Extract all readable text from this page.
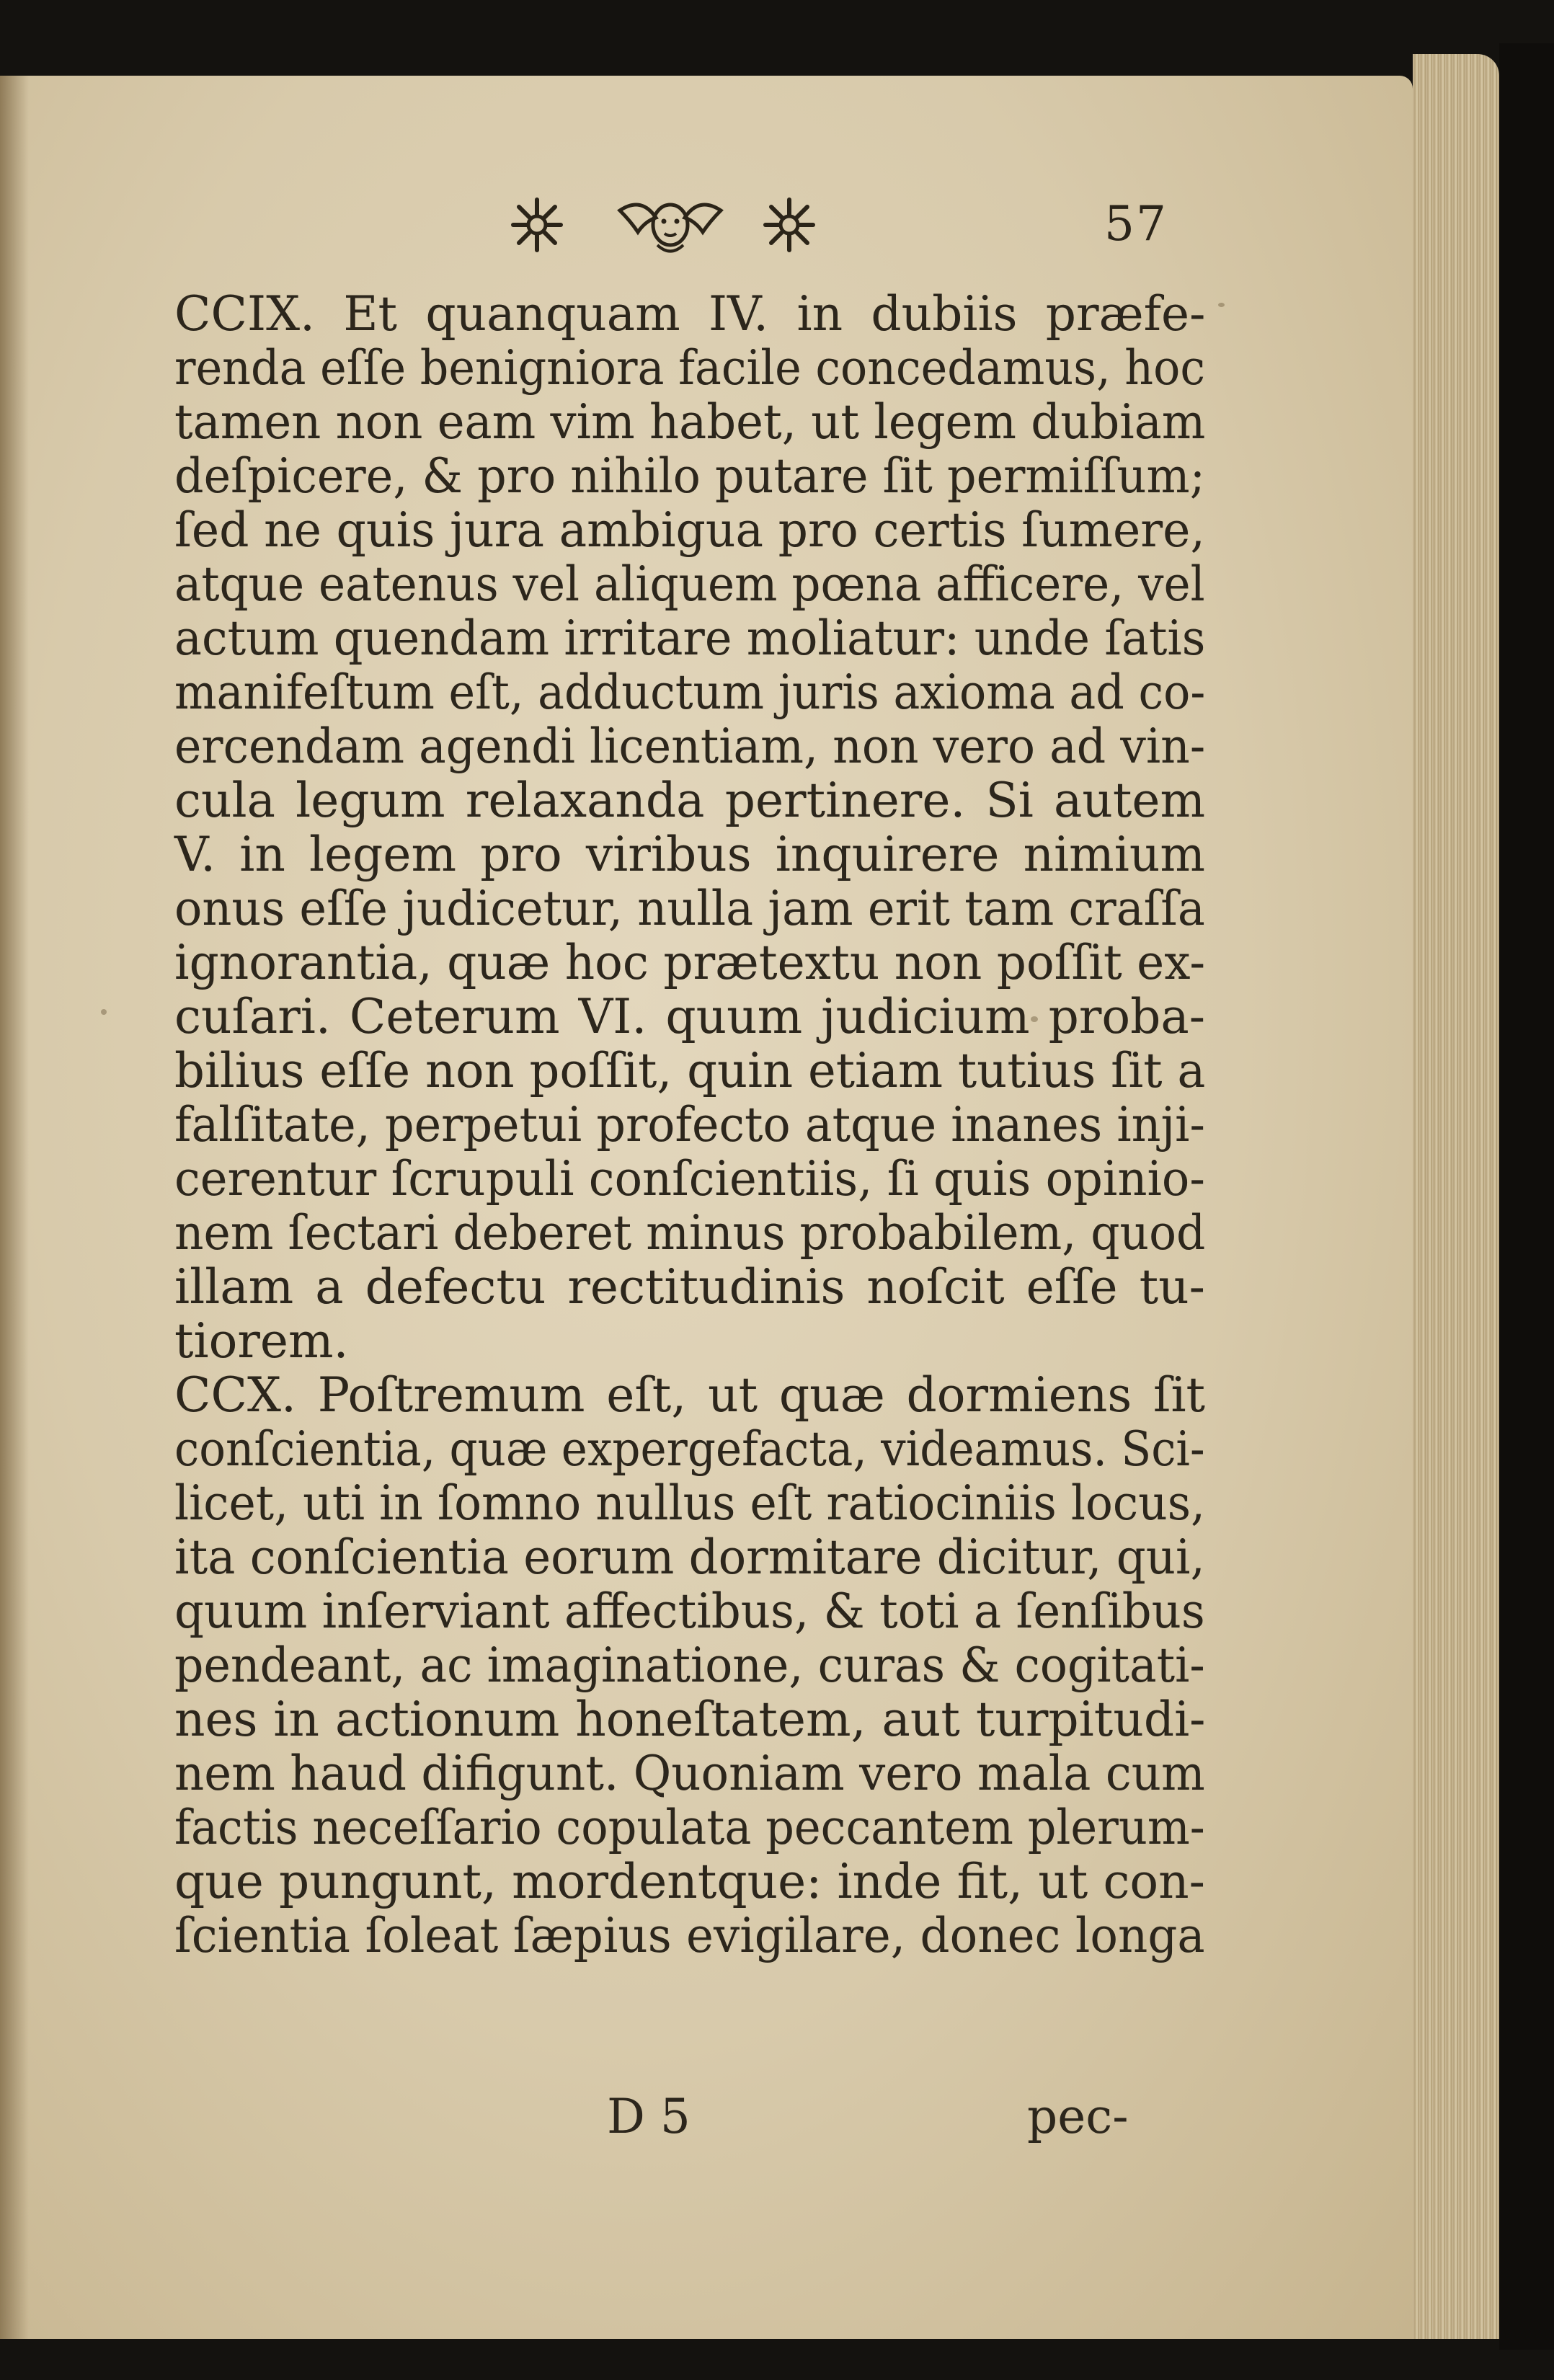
57
CCIX. Et quanquam IV. in dubiis præfe-
renda eſſe benigniora facile concedamus, hoc
tamen non eam vim habet, ut legem dubiam
deſpicere, & pro nihilo putare ſit permiſſum;
ſed ne quis jura ambigua pro certis ſumere,
atque eatenus vel aliquem pœna afficere, vel
actum quendam irritare moliatur: unde ſatis
manifeſtum eſt, adductum juris axioma ad co-
ercendam agendi licentiam, non vero ad vin-
cula legum relaxanda pertinere. Si autem
V. in legem pro viribus inquirere nimium
onus eſſe judicetur, nulla jam erit tam craſſa
ignorantia, quæ hoc prætextu non poſſit ex-
cuſari. Ceterum VI. quum judicium proba-
bilius eſſe non poſſit, quin etiam tutius ſit a
falſitate, perpetui profecto atque inanes inji-
cerentur ſcrupuli conſcientiis, ſi quis opinio-
nem ſectari deberet minus probabilem, quod
illam a defectu rectitudinis noſcit eſſe tu-
tiorem.
CCX. Poſtremum eſt, ut quæ dormiens ſit
conſcientia, quæ expergefacta, videamus. Sci-
licet, uti in ſomno nullus eſt ratiociniis locus,
ita conſcientia eorum dormitare dicitur, qui,
quum inſerviant affectibus, & toti a ſenſibus
pendeant, ac imaginatione, curas & cogitati-
nes in actionum honeſtatem, aut turpitudi-
nem haud difigunt. Quoniam vero mala cum
factis neceſſario copulata peccantem plerum-
que pungunt, mordentque: inde fit, ut con-
ſcientia ſoleat ſæpius evigilare, donec longa
D 5	pec-
